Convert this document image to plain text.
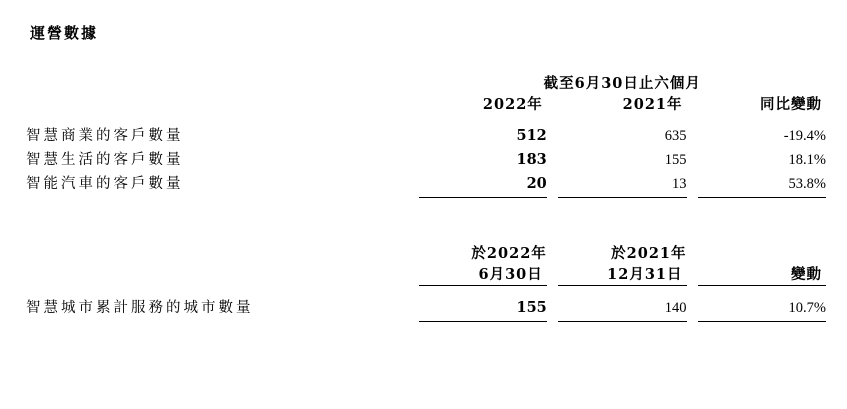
運營數據
	截至6月30日止六個月				
	2022年		2021年		同比變動

智慧商業的客戶數量	512		635		-19.4%
智慧生活的客戶數量	183		155		18.1%
智能汽車的客戶數量	20		13		53.8%

	於2022年		於2021年		
	6月30日		12月31日		變動

智慧城市累計服務的城市數量	155		140		10.7%
